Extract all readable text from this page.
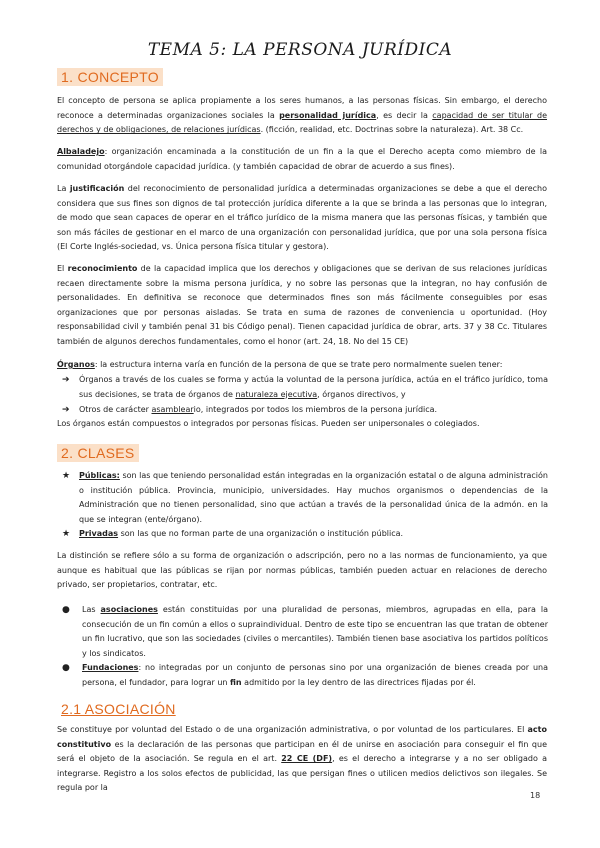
TEMA 5: LA PERSONA JURÍDICA
1. CONCEPTO

El concepto de persona se aplica propiamente a los seres humanos, a las personas físicas. Sin embargo, el derecho reconoce a determinadas organizaciones sociales la personalidad jurídica, es decir la capacidad de ser titular de derechos y de obligaciones, de relaciones jurídicas. (ficción, realidad, etc. Doctrinas sobre la naturaleza). Art. 38 Cc.

Albaladejo: organización encaminada a la constitución de un fin a la que el Derecho acepta como miembro de la comunidad otorgándole capacidad jurídica. (y también capacidad de obrar de acuerdo a sus fines).

La justificación del reconocimiento de personalidad jurídica a determinadas organizaciones se debe a que el derecho considera que sus fines son dignos de tal protección jurídica diferente a la que se brinda a las personas que lo integran, de modo que sean capaces de operar en el tráfico jurídico de la misma manera que las personas físicas, y también que son más fáciles de gestionar en el marco de una organización con personalidad jurídica, que por una sola persona física (El Corte Inglés-sociedad, vs. Única persona física titular y gestora).

El reconocimiento de la capacidad implica que los derechos y obligaciones que se derivan de sus relaciones jurídicas recaen directamente sobre la misma persona jurídica, y no sobre las personas que la integran, no hay confusión de personalidades. En definitiva se reconoce que determinados fines son más fácilmente conseguibles por esas organizaciones que por personas aisladas. Se trata en suma de razones de conveniencia u oportunidad. (Hoy responsabilidad civil y también penal 31 bis Código penal). Tienen capacidad jurídica de obrar, arts. 37 y 38 Cc. Titulares también de algunos derechos fundamentales, como el honor (art. 24, 18. No del 15 CE)

Órganos: la estructura interna varía en función de la persona de que se trate pero normalmente suelen tener:

➔	Órganos a través de los cuales se forma y actúa la voluntad de la persona jurídica, actúa en el tráfico jurídico, toma sus decisiones, se trata de órganos de naturaleza ejecutiva, órganos directivos, y
➔	Otros de carácter asambleario, integrados por todos los miembros de la persona jurídica.

Los órganos están compuestos o integrados por personas físicas. Pueden ser unipersonales o colegiados.

2. CLASES
★	Públicas: son las que teniendo personalidad están integradas en la organización estatal o de alguna administración o institución pública. Provincia, municipio, universidades. Hay muchos organismos o dependencias de la Administración que no tienen personalidad, sino que actúan a través de la personalidad única de la admón. en la que se integran (ente/órgano).
★	Privadas son las que no forman parte de una organización o institución pública.

La distinción se refiere sólo a su forma de organización o adscripción, pero no a las normas de funcionamiento, ya que aunque es habitual que las públicas se rijan por normas públicas, también pueden actuar en relaciones de derecho privado, ser propietarios, contratar, etc.

●	Las asociaciones están constituidas por una pluralidad de personas, miembros, agrupadas en ella, para la consecución de un fin común a ellos o supraindividual. Dentro de este tipo se encuentran las que tratan de obtener un fin lucrativo, que son las sociedades (civiles o mercantiles). También tienen base asociativa los partidos políticos y los sindicatos.
●	Fundaciones: no integradas por un conjunto de personas sino por una organización de bienes creada por una persona, el fundador, para lograr un fin admitido por la ley dentro de las directrices fijadas por él.
2.1 ASOCIACIÓN

Se constituye por voluntad del Estado o de una organización administrativa, o por voluntad de los particulares. El acto constitutivo es la declaración de las personas que participan en él de unirse en asociación para conseguir el fin que será el objeto de la asociación. Se regula en el art. 22 CE (DF), es el derecho a integrarse y a no ser obligado a integrarse. Registro a los solos efectos de publicidad, las que persigan fines o utilicen medios delictivos son ilegales. Se regula por la

18
